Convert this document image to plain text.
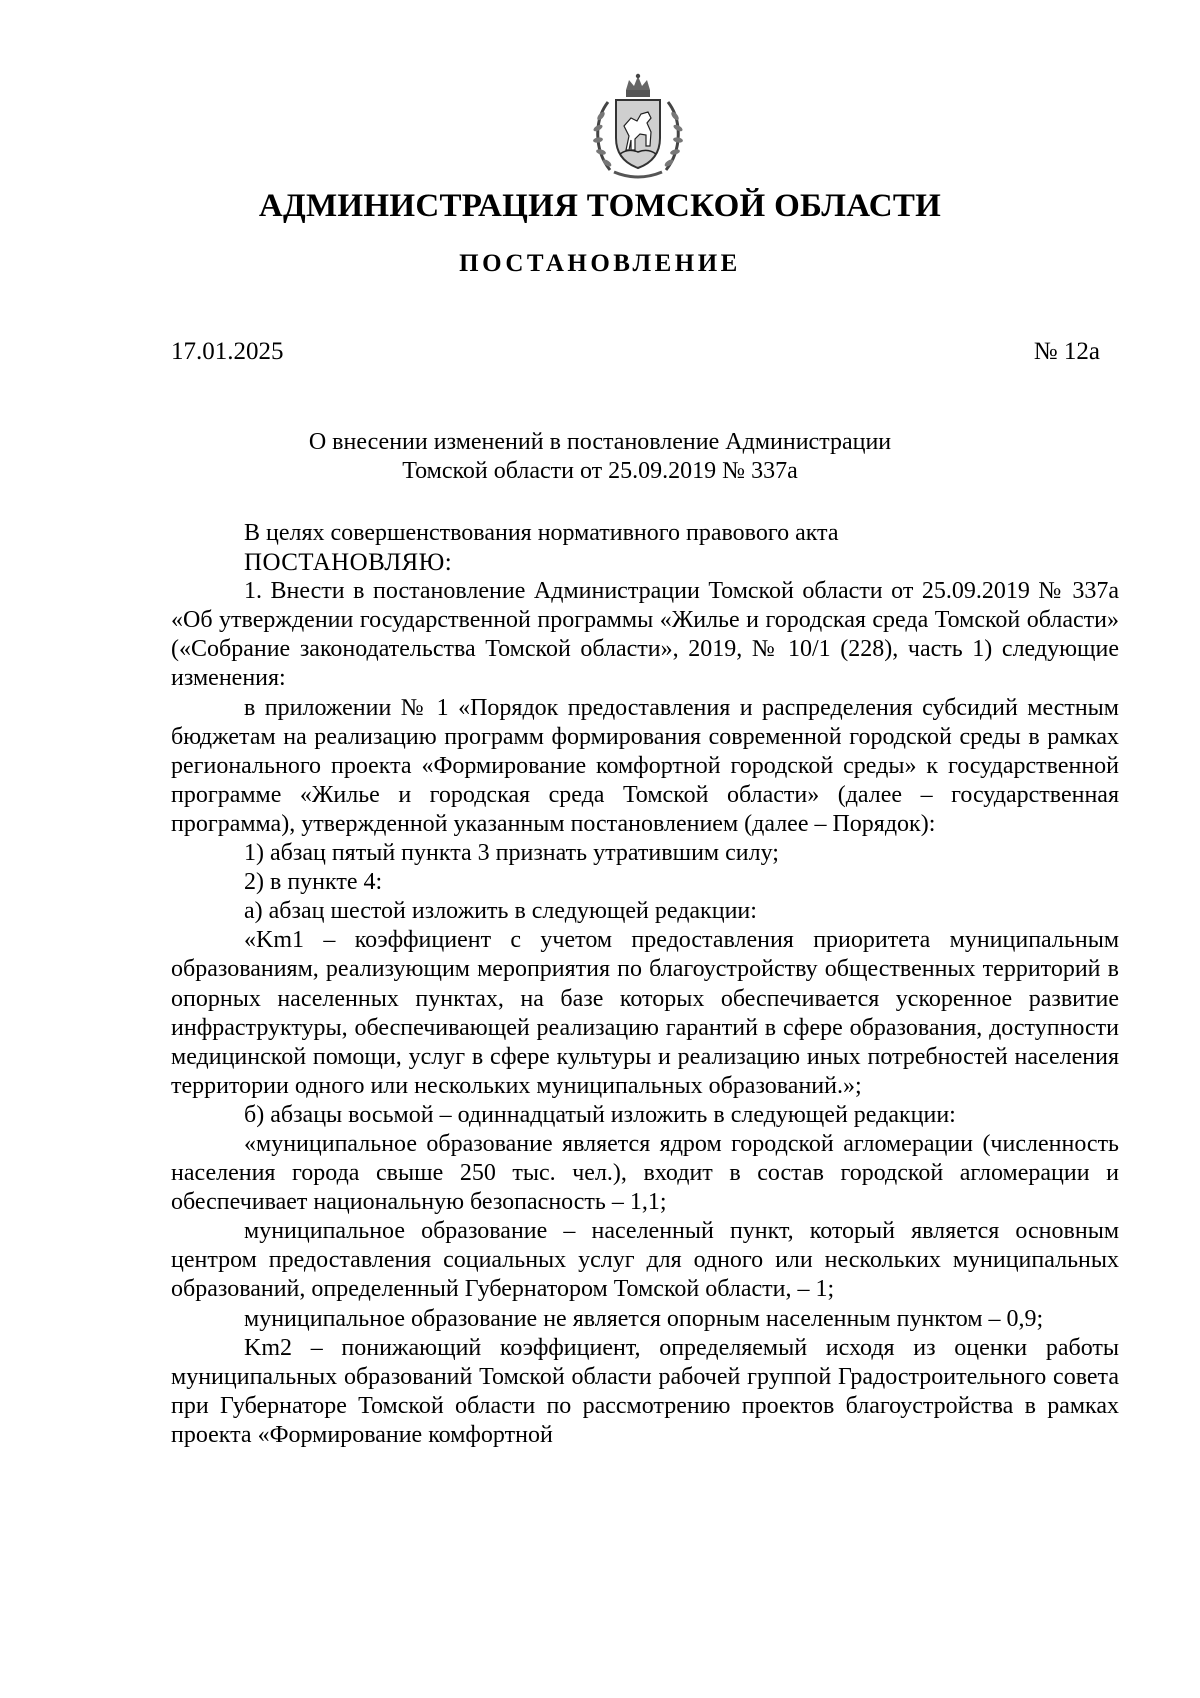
АДМИНИСТРАЦИЯ ТОМСКОЙ ОБЛАСТИ
ПОСТАНОВЛЕНИЕ
17.01.2025	№ 12а
О внесении изменений в постановление Администрации
Томской области от 25.09.2019 № 337а

В целях совершенствования нормативного правового акта

ПОСТАНОВЛЯЮ:

1. Внести в постановление Администрации Томской области от 25.09.2019 № 337а «Об утверждении государственной программы «Жилье и городская среда Томской области» («Собрание законодательства Томской области», 2019, № 10/1 (228), часть 1) следующие изменения:

в приложении № 1 «Порядок предоставления и распределения субсидий местным бюджетам на реализацию программ формирования современной городской среды в рамках регионального проекта «Формирование комфортной городской среды» к государственной программе «Жилье и городская среда Томской области» (далее – государственная программа), утвержденной указанным постановлением (далее – Порядок):

1) абзац пятый пункта 3 признать утратившим силу;

2) в пункте 4:

а) абзац шестой изложить в следующей редакции:

«Km1 – коэффициент с учетом предоставления приоритета муниципальным образованиям, реализующим мероприятия по благоустройству общественных территорий в опорных населенных пунктах, на базе которых обеспечивается ускоренное развитие инфраструктуры, обеспечивающей реализацию гарантий в сфере образования, доступности медицинской помощи, услуг в сфере культуры и реализацию иных потребностей населения территории одного или нескольких муниципальных образований.»;

б) абзацы восьмой – одиннадцатый изложить в следующей редакции:

«муниципальное образование является ядром городской агломерации (численность населения города свыше 250 тыс. чел.), входит в состав городской агломерации и обеспечивает национальную безопасность – 1,1;

муниципальное образование – населенный пункт, который является основным центром предоставления социальных услуг для одного или нескольких муниципальных образований, определенный Губернатором Томской области, – 1;

муниципальное образование не является опорным населенным пунктом – 0,9;

Km2 – понижающий коэффициент, определяемый исходя из оценки работы муниципальных образований Томской области рабочей группой Градостроительного совета при Губернаторе Томской области по рассмотрению проектов благоустройства в рамках проекта «Формирование комфортной
